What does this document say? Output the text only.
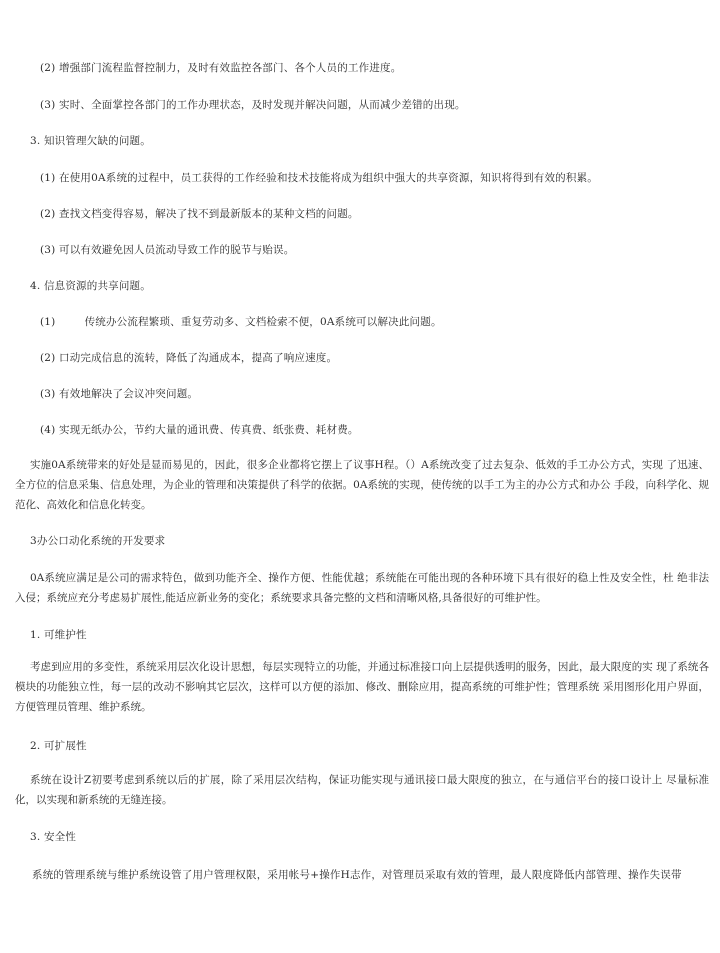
(2) 增强部门流程监督控制力，及时有效监控各部门、各个人员的工作进度。
(3) 实时、全面掌控各部门的工作办理状态，及时发现并解决问题，从而减少差错的出现。
3. 知识管理欠缺的问题。
(1) 在使用0A系统的过程中，员工获得的工作经验和技术技能将成为组织中强大的共享资源，知识将得到有效的积累。
(2) 查找文档变得容易，解决了找不到最新版本的某种文档的问题。
(3) 可以有效避免因人员流动导致工作的脱节与贻误。
4. 信息资源的共享问题。
(1)	传统办公流程繁琐、重复劳动多、文档检索不便，0A系统可以解决此问题。
(2) 口动完成信息的流转，降低了沟通成本，提高了响应速度。
(3) 有效地解决了会议冲突问题。
(4) 实现无纸办公，节约大量的通讯费、传真费、纸张费、耗材费。
实施0A系统带来的好处是显而易见的，因此，很多企业都将它摆上了议事H程。（）A系统改变了过去复杂、低效的手工办公方式，实现 了迅速、全方位的信息采集、信息处理，为企业的管理和决策提供了科学的依据。0A系统的实现，使传统的以手工为主的办公方式和办公 手段，向科学化、规范化、高效化和信息化转变。
3办公口动化系统的开发要求
0A系统应满足是公司的需求特色，做到功能齐全、操作方便、性能优越；系统能在可能出现的各种环境下具有很好的稳上性及安全性，杜 绝非法入侵；系统应充分考虑易扩展性,能适应新业务的变化；系统要求具备完整的文档和清晰风格,具备很好的可维护性。
1. 可维护性
考虑到应用的多变性，系统采用层次化设计思想，每层实现特立的功能，并通过标准接口向上层提供透明的服务，因此，最大限度的实 现了系统各模块的功能独立性，每一层的改动不影响其它层次，这样可以方便的添加、修改、删除应用，提高系统的可维护性；管理系统 采用图形化用户界面，方便管理员管理、维护系统。
2. 可扩展性
系统在设计Z初要考虑到系统以后的扩展，除了采用层次结构，保证功能实现与通讯接口最大限度的独立，在与通信平台的接口设计上 尽量标准化，以实现和新系统的无缝连接。
3. 安全性
系统的管理系统与维护系统设管了用户管理权限，采用帐号+操作H志作，对管理员采取有效的管理，最人限度降低内部管理、操作失误带
